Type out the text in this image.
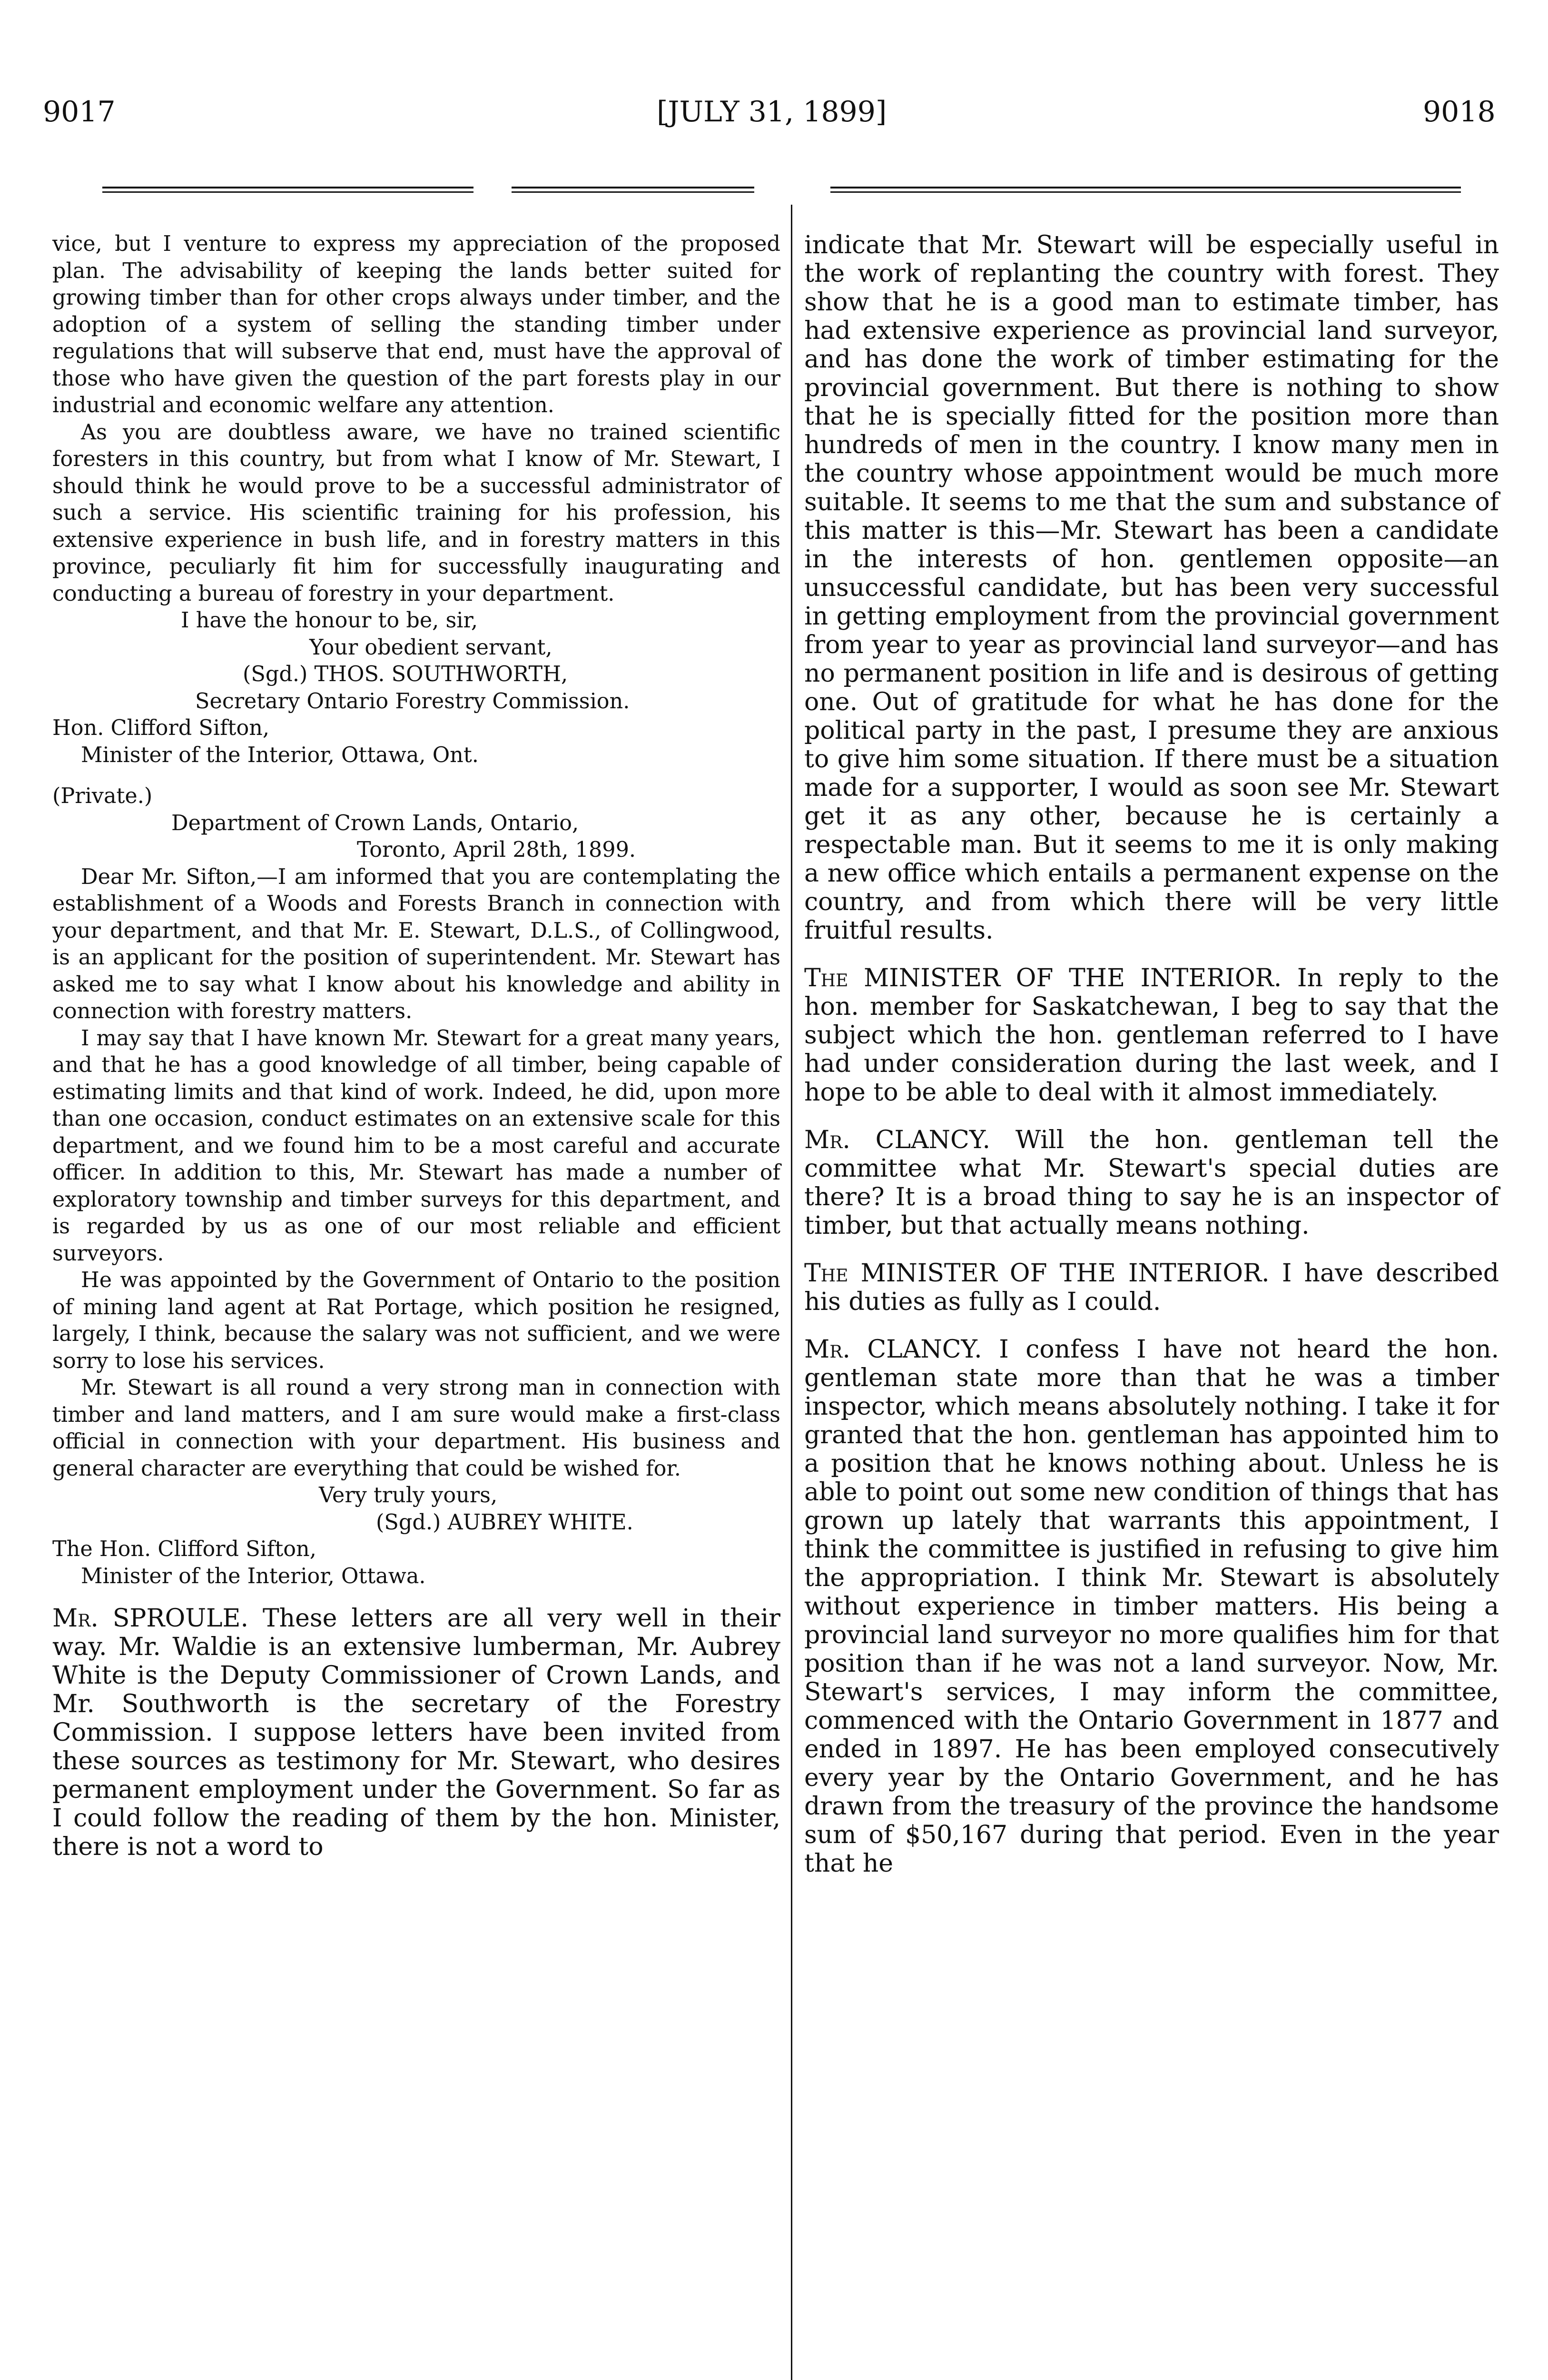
9017	[JULY 31, 1899]	9018

vice, but I venture to express my appreciation of the proposed plan. The advisability of keeping the lands better suited for growing timber than for other crops always under timber, and the adoption of a system of selling the standing timber under regulations that will subserve that end, must have the approval of those who have given the question of the part forests play in our industrial and economic welfare any attention.

As you are doubtless aware, we have no trained scientific foresters in this country, but from what I know of Mr. Stewart, I should think he would prove to be a successful administrator of such a service. His scientific training for his profession, his extensive experience in bush life, and in forestry matters in this province, peculiarly fit him for successfully inaugurating and conducting a bureau of forestry in your department.

I have the honour to be, sir,

Your obedient servant,

(Sgd.) THOS. SOUTHWORTH,

Secretary Ontario Forestry Commission.

Hon. Clifford Sifton,

Minister of the Interior, Ottawa, Ont.

(Private.)

Department of Crown Lands, Ontario,

Toronto, April 28th, 1899.

Dear Mr. Sifton,—I am informed that you are contemplating the establishment of a Woods and Forests Branch in connection with your department, and that Mr. E. Stewart, D.L.S., of Collingwood, is an applicant for the position of superintendent. Mr. Stewart has asked me to say what I know about his knowledge and ability in connection with forestry matters.

I may say that I have known Mr. Stewart for a great many years, and that he has a good knowledge of all timber, being capable of estimating limits and that kind of work. Indeed, he did, upon more than one occasion, conduct estimates on an extensive scale for this department, and we found him to be a most careful and accurate officer. In addition to this, Mr. Stewart has made a number of exploratory township and timber surveys for this department, and is regarded by us as one of our most reliable and efficient surveyors.

He was appointed by the Government of Ontario to the position of mining land agent at Rat Portage, which position he resigned, largely, I think, because the salary was not sufficient, and we were sorry to lose his services.

Mr. Stewart is all round a very strong man in connection with timber and land matters, and I am sure would make a first-class official in connection with your department. His business and general character are everything that could be wished for.

Very truly yours,

(Sgd.) AUBREY WHITE.

The Hon. Clifford Sifton,

Minister of the Interior, Ottawa.

Mr. SPROULE. These letters are all very well in their way. Mr. Waldie is an extensive lumberman, Mr. Aubrey White is the Deputy Commissioner of Crown Lands, and Mr. Southworth is the secretary of the Forestry Commission. I suppose letters have been invited from these sources as testimony for Mr. Stewart, who desires permanent employment under the Government. So far as I could follow the reading of them by the hon. Minister, there is not a word to

indicate that Mr. Stewart will be especially useful in the work of replanting the country with forest. They show that he is a good man to estimate timber, has had extensive experience as provincial land surveyor, and has done the work of timber estimating for the provincial government. But there is nothing to show that he is specially fitted for the position more than hundreds of men in the country. I know many men in the country whose appointment would be much more suitable. It seems to me that the sum and substance of this matter is this—Mr. Stewart has been a candidate in the interests of hon. gentlemen opposite—an unsuccessful candidate, but has been very successful in getting employment from the provincial government from year to year as provincial land surveyor—and has no permanent position in life and is desirous of getting one. Out of gratitude for what he has done for the political party in the past, I presume they are anxious to give him some situation. If there must be a situation made for a supporter, I would as soon see Mr. Stewart get it as any other, because he is certainly a respectable man. But it seems to me it is only making a new office which entails a permanent expense on the country, and from which there will be very little fruitful results.

The MINISTER OF THE INTERIOR. In reply to the hon. member for Saskatchewan, I beg to say that the subject which the hon. gentleman referred to I have had under consideration during the last week, and I hope to be able to deal with it almost immediately.

Mr. CLANCY. Will the hon. gentleman tell the committee what Mr. Stewart's special duties are there? It is a broad thing to say he is an inspector of timber, but that actually means nothing.

The MINISTER OF THE INTERIOR. I have described his duties as fully as I could.

Mr. CLANCY. I confess I have not heard the hon. gentleman state more than that he was a timber inspector, which means absolutely nothing. I take it for granted that the hon. gentleman has appointed him to a position that he knows nothing about. Unless he is able to point out some new condition of things that has grown up lately that warrants this appointment, I think the committee is justified in refusing to give him the appropriation. I think Mr. Stewart is absolutely without experience in timber matters. His being a provincial land surveyor no more qualifies him for that position than if he was not a land surveyor. Now, Mr. Stewart's services, I may inform the committee, commenced with the Ontario Government in 1877 and ended in 1897. He has been employed consecutively every year by the Ontario Government, and he has drawn from the treasury of the province the handsome sum of $50,167 during that period. Even in the year that he
